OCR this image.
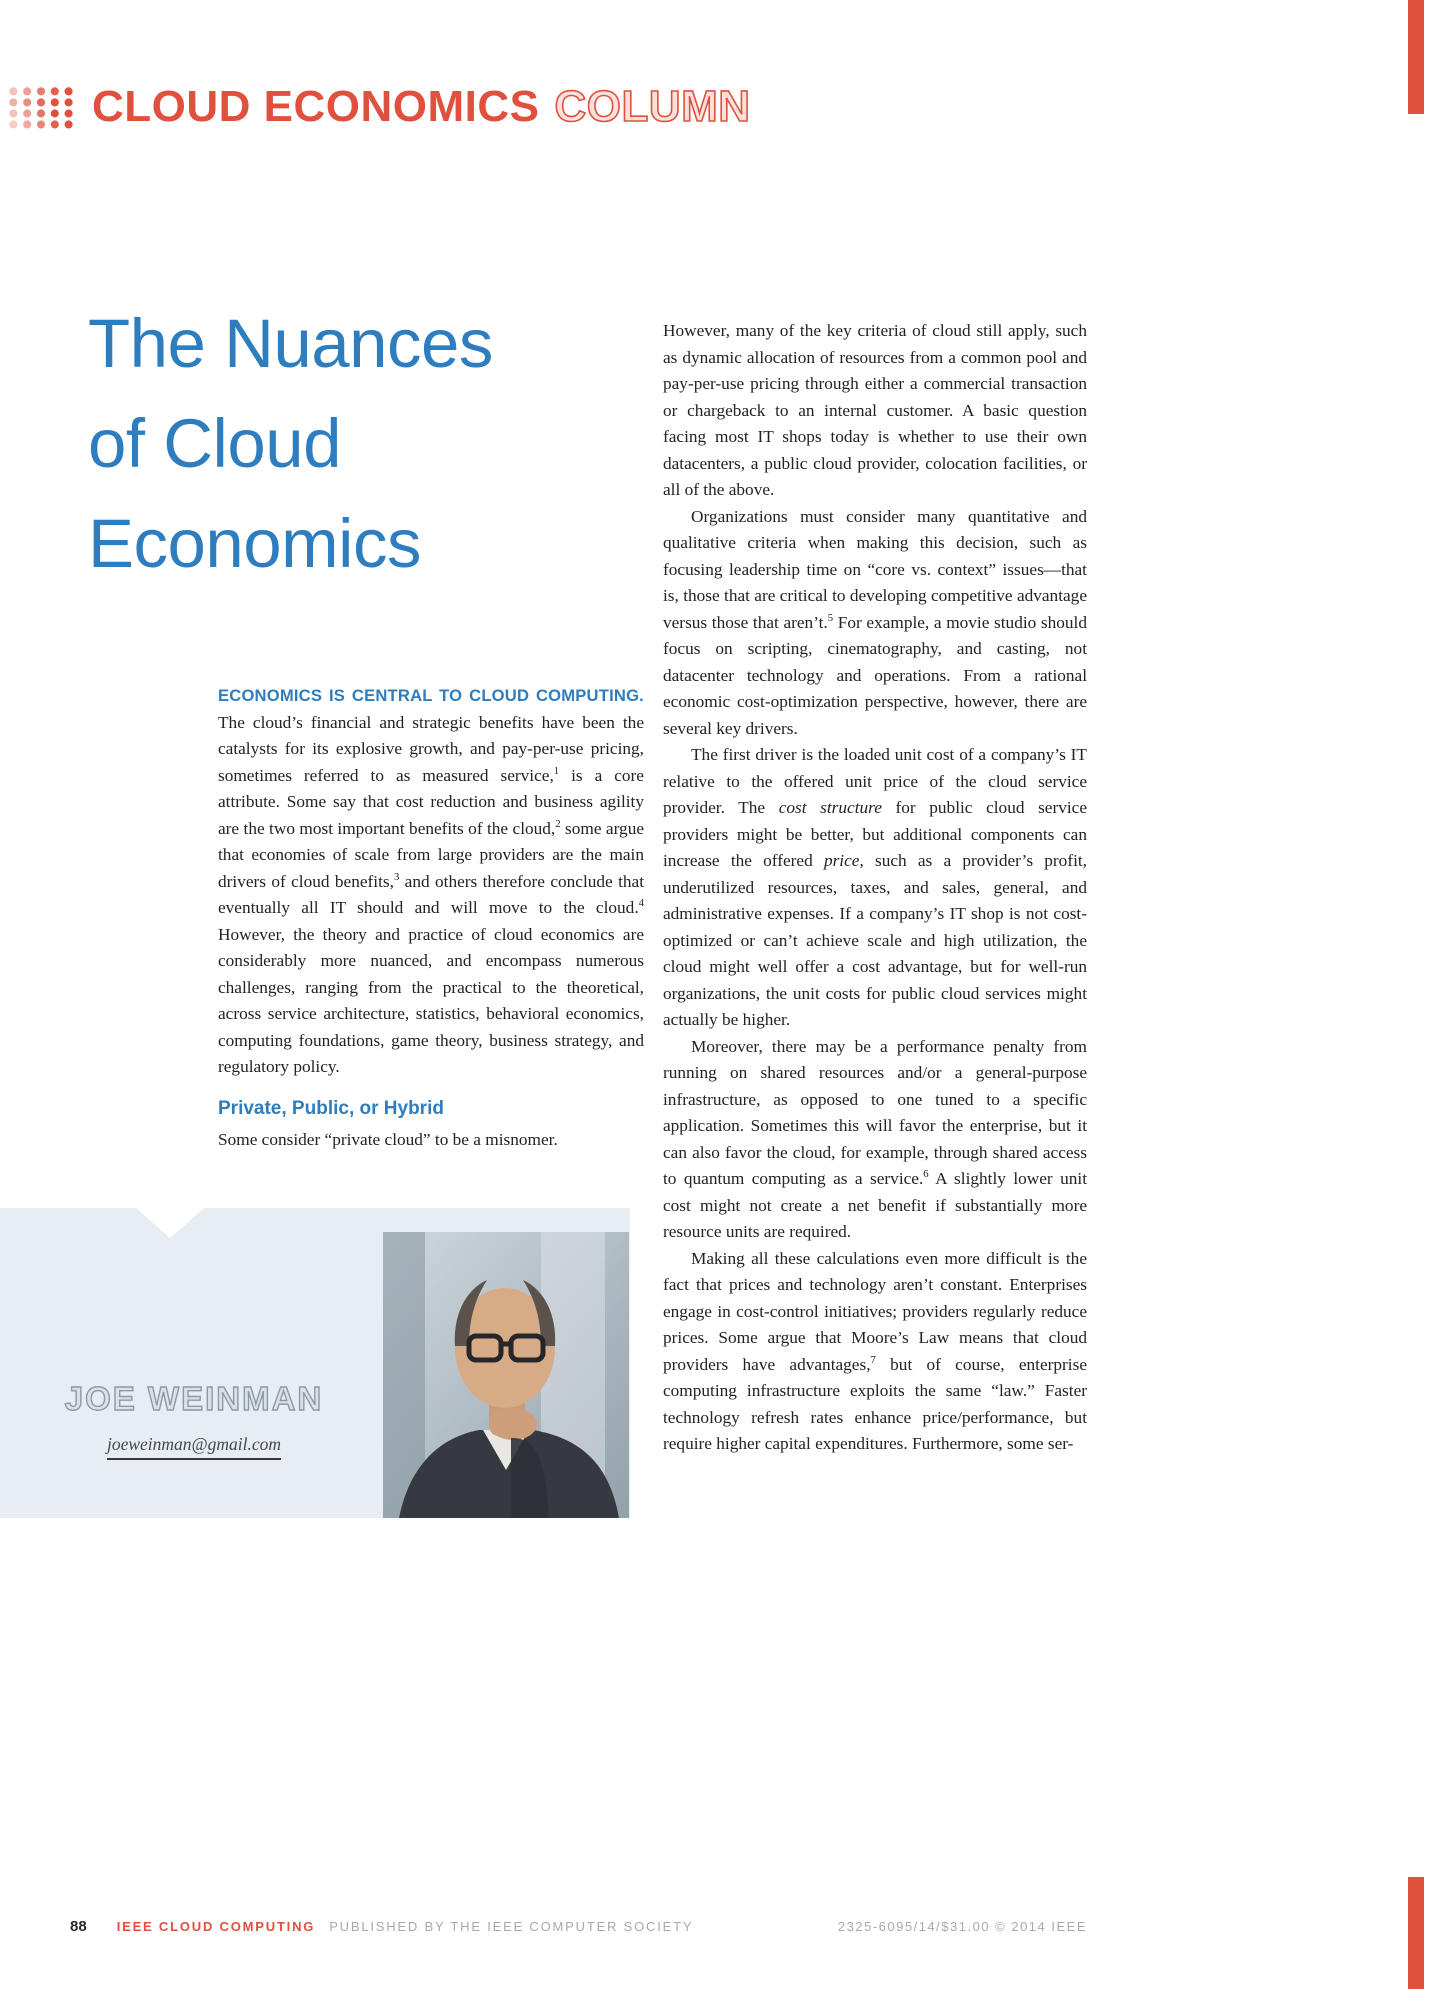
CLOUD ECONOMICS COLUMN
The Nuances
of Cloud
Economics

ECONOMICS IS CENTRAL TO CLOUD COMPUTING. The cloud’s financial and strategic benefits have been the catalysts for its explosive growth, and pay-per-use pricing, sometimes referred to as measured service,$^1$ is a core attribute. Some say that cost reduction and business agility are the two most important benefits of the cloud,$^2$ some argue that economies of scale from large providers are the main drivers of cloud benefits,$^3$ and others therefore conclude that eventually all IT should and will move to the cloud.$^4$ However, the theory and practice of cloud economics are considerably more nuanced, and encompass numerous challenges, ranging from the practical to the theoretical, across service architecture, statistics, behavioral economics, computing foundations, game theory, business strategy, and regulatory policy.

Private, Public, or Hybrid

Some consider “private cloud” to be a misnomer.

However, many of the key criteria of cloud still apply, such as dynamic allocation of resources from a common pool and pay-per-use pricing through either a commercial transaction or chargeback to an internal customer. A basic question facing most IT shops today is whether to use their own datacenters, a public cloud provider, colocation facilities, or all of the above.

Organizations must consider many quantitative and qualitative criteria when making this decision, such as focusing leadership time on “core vs. context” issues—that is, those that are critical to developing competitive advantage versus those that aren’t.$^5$ For example, a movie studio should focus on scripting, cinematography, and casting, not datacenter technology and operations. From a rational economic cost-optimization perspective, however, there are several key drivers.

The first driver is the loaded unit cost of a company’s IT relative to the offered unit price of the cloud service provider. The cost structure for public cloud service providers might be better, but additional components can increase the offered price, such as a provider’s profit, underutilized resources, taxes, and sales, general, and administrative expenses. If a company’s IT shop is not cost-optimized or can’t achieve scale and high utilization, the cloud might well offer a cost advantage, but for well-run organizations, the unit costs for public cloud services might actually be higher.

Moreover, there may be a performance penalty from running on shared resources and/or a general-purpose infrastructure, as opposed to one tuned to a specific application. Sometimes this will favor the enterprise, but it can also favor the cloud, for example, through shared access to quantum computing as a service.$^6$ A slightly lower unit cost might not create a net benefit if substantially more resource units are required.

Making all these calculations even more difficult is the fact that prices and technology aren’t constant. Enterprises engage in cost-control initiatives; providers regularly reduce prices. Some argue that Moore’s Law means that cloud providers have advantages,$^7$ but of course, enterprise computing infrastructure exploits the same “law.” Faster technology refresh rates enhance price/performance, but require higher capital expenditures. Furthermore, some ser-

JOE WEINMAN
joeweinman@gmail.com
88 IEEE CLOUD COMPUTING PUBLISHED BY THE IEEE COMPUTER SOCIETY	2325-6095/14/$31.00 © 2014 IEEE
